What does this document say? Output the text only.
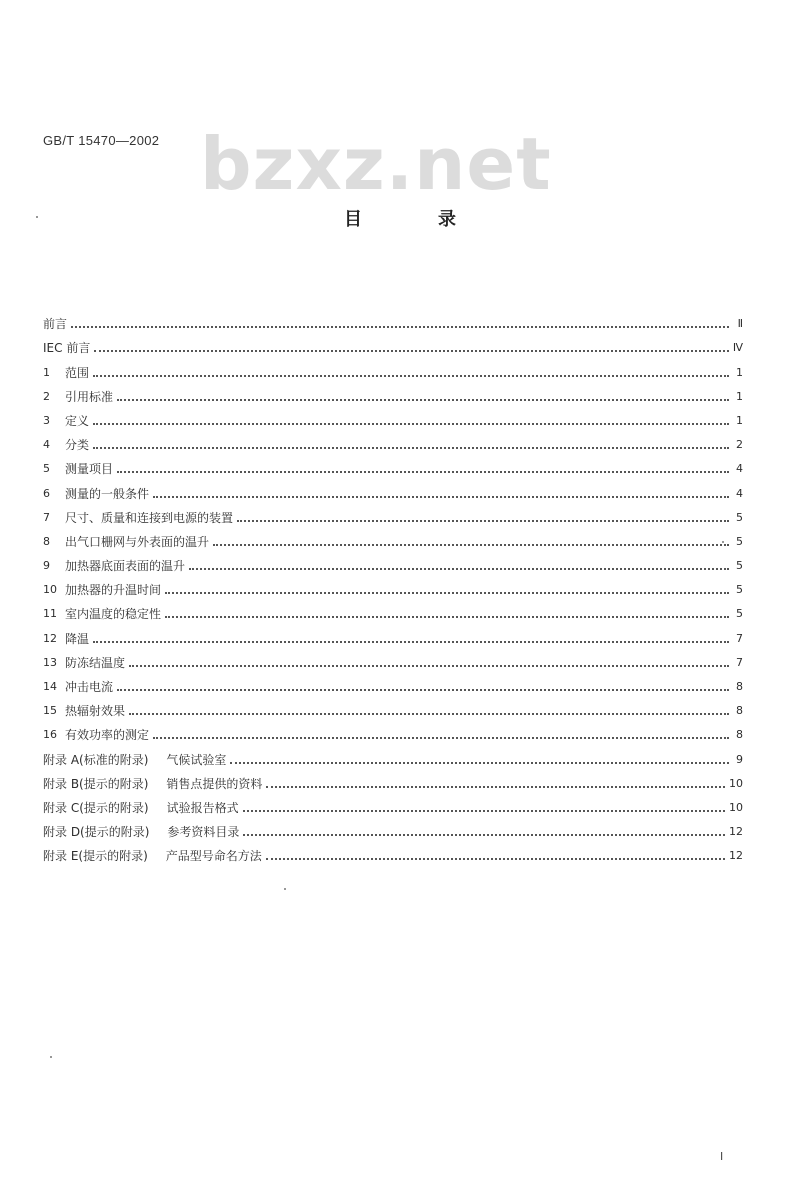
GB/T 15470—2002 bzxz.net
目	录
前言	Ⅱ
IEC 前言	Ⅳ
1	范围	1
2	引用标准	1
3	定义	1
4	分类	2
5	测量项目	4
6	测量的一般条件	4
7	尺寸、质量和连接到电源的装置	5
8	出气口栅网与外表面的温升	5
9	加热器底面表面的温升	5
10 加热器的升温时间	5
11 室内温度的稳定性	5
12 降温	7
13 防冻结温度	7
14 冲击电流	8
15 热辐射效果	8
16 有效功率的测定	8
附录 A(标准的附录) 气候试验室	9
附录 B(提示的附录) 销售点提供的资料	10
附录 C(提示的附录) 试验报告格式	10
附录 D(提示的附录) 参考资料目录	12
附录 E(提示的附录) 产品型号命名方法	12
Ⅰ
